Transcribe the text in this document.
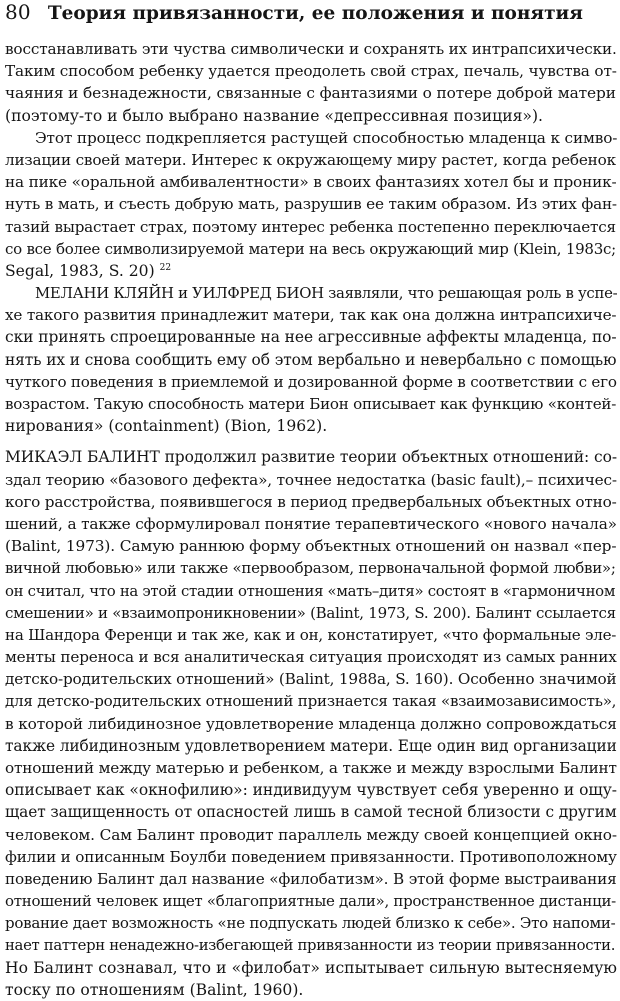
80 Теория привязанности, ее положения и понятия
восстанавливать эти чуства символически и сохранять их интрапсихически.
Таким способом ребенку удается преодолеть свой страх, печаль, чувства от-
чаяния и безнадежности, связанные с фантазиями о потере доброй матери
(поэтому-то и было выбрано название «депрессивная позиция»).
Этот процесс подкрепляется растущей способностью младенца к симво-
лизации своей матери. Интерес к окружающему миру растет, когда ребенок
на пике «оральной амбивалентности» в своих фантазиях хотел бы и проник-
нуть в мать, и съесть добрую мать, разрушив ее таким образом. Из этих фан-
тазий вырастает страх, поэтому интерес ребенка постепенно переключается
со все более символизируемой матери на весь окружающий мир (Klein, 1983c;
Segal, 1983, S. 20) $^{22}$
МЕЛАНИ КЛЯЙН и УИЛФРЕД БИОН заявляли, что решающая роль в успе-
хе такого развития принадлежит матери, так как она должна интрапсихиче-
ски принять спроецированные на нее агрессивные аффекты младенца, по-
нять их и снова сообщить ему об этом вербально и невербально с помощью
чуткого поведения в приемлемой и дозированной форме в соответствии с его
возрастом. Такую способность матери Бион описывает как функцию «контей-
нирования» (containment) (Bion, 1962).
МИКАЭЛ БАЛИНТ продолжил развитие теории объектных отношений: со-
здал теорию «базового дефекта», точнее недостатка (basic fault),– психичес-
кого расстройства, появившегося в период предвербальных объектных отно-
шений, а также сформулировал понятие терапевтического «нового начала»
(Balint, 1973). Самую раннюю форму объектных отношений он назвал «пер-
вичной любовью» или также «первообразом, первоначальной формой любви»;
он считал, что на этой стадии отношения «мать–дитя» состоят в «гармоничном
смешении» и «взаимопроникновении» (Balint, 1973, S. 200). Балинт ссылается
на Шандора Ференци и так же, как и он, констатирует, «что формальные эле-
менты переноса и вся аналитическая ситуация происходят из самых ранних
детско-родительских отношений» (Balint, 1988a, S. 160). Особенно значимой
для детско-родительских отношений признается такая «взаимозависимость»,
в которой либидинозное удовлетворение младенца должно сопровождаться
также либидинозным удовлетворением матери. Еще один вид организации
отношений между матерью и ребенком, а также и между взрослыми Балинт
описывает как «окнофилию»: индивидуум чувствует себя уверенно и ощу-
щает защищенность от опасностей лишь в самой тесной близости с другим
человеком. Сам Балинт проводит параллель между своей концепцией окно-
филии и описанным Боулби поведением привязанности. Противоположному
поведению Балинт дал название «филобатизм». В этой форме выстраивания
отношений человек ищет «благоприятные дали», пространственное дистанци-
рование дает возможность «не подпускать людей близко к себе». Это напоми-
нает паттерн ненадежно-избегающей привязанности из теории привязанности.
Но Балинт сознавал, что и «филобат» испытывает сильную вытесняемую
тоску по отношениям (Balint, 1960).
